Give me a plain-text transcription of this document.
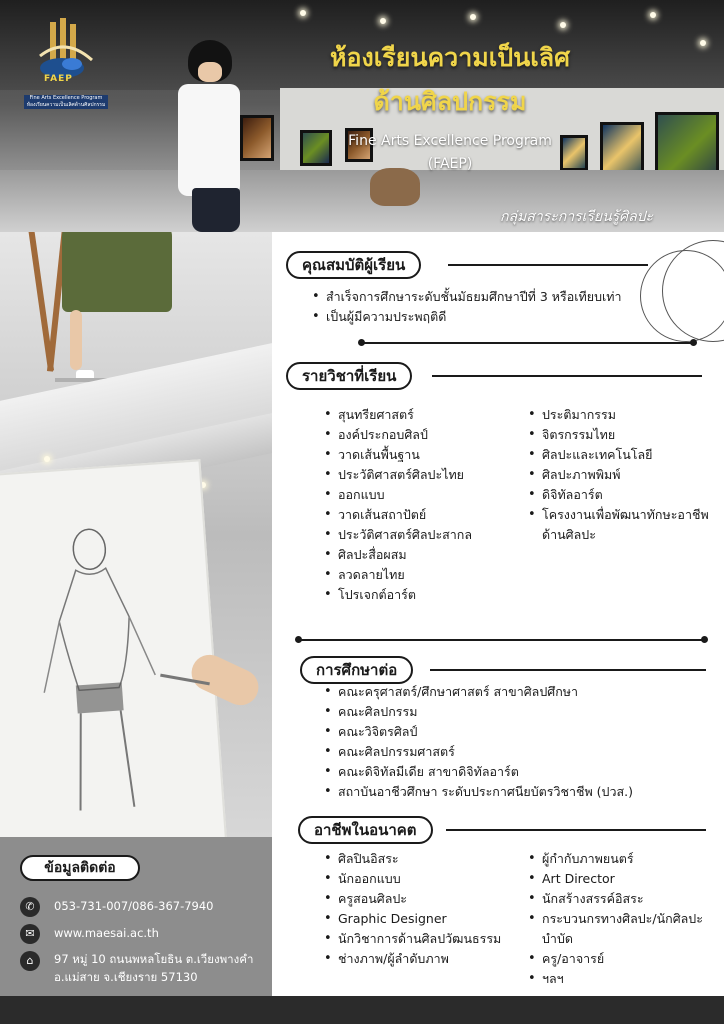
FAEP
Fine Arts Excellence Program
ห้องเรียนความเป็นเลิศด้านศิลปกรรม
ห้องเรียนความเป็นเลิศ
ด้านศิลปกรรม
Fine Arts Excellence Program
(FAEP)
กลุ่มสาระการเรียนรู้ศิลปะ
ข้อมูลติดต่อ
✆	053-731-007/086-367-7940
✉	www.maesai.ac.th
⌂	97 หมู่ 10 ถนนพหลโยธิน ต.เวียงพางคำ
อ.แม่สาย จ.เชียงราย 57130
คุณสมบัติผู้เรียน
• สำเร็จการศึกษาระดับชั้นมัธยมศึกษาปีที่ 3 หรือเทียบเท่า
• เป็นผู้มีความประพฤติดี
รายวิชาที่เรียน
• สุนทรียศาสตร์
• องค์ประกอบศิลป์
• วาดเส้นพื้นฐาน
• ประวัติศาสตร์ศิลปะไทย
• ออกแบบ
• วาดเส้นสถาปัตย์
• ประวัติศาสตร์ศิลปะสากล
• ศิลปะสื่อผสม
• ลวดลายไทย
• โปรเจกต์อาร์ต
• ประติมากรรม
• จิตรกรรมไทย
• ศิลปะและเทคโนโลยี
• ศิลปะภาพพิมพ์
• ดิจิทัลอาร์ต
• โครงงานเพื่อพัฒนาทักษะอาชีพด้านศิลปะ
การศึกษาต่อ
• คณะครุศาสตร์/ศึกษาศาสตร์ สาขาศิลปศึกษา
• คณะศิลปกรรม
• คณะวิจิตรศิลป์
• คณะศิลปกรรมศาสตร์
• คณะดิจิทัลมีเดีย สาขาดิจิทัลอาร์ต
• สถาบันอาชีวศึกษา ระดับประกาศนียบัตรวิชาชีพ (ปวส.)
อาชีพในอนาคต
• ศิลปินอิสระ
• นักออกแบบ
• ครูสอนศิลปะ
• Graphic Designer
• นักวิชาการด้านศิลปวัฒนธรรม
• ช่างภาพ/ผู้ลำดับภาพ
• ผู้กำกับภาพยนตร์
• Art Director
• นักสร้างสรรค์อิสระ
• กระบวนกรทางศิลปะ/นักศิลปะบำบัด
• ครู/อาจารย์
• ฯลฯ
